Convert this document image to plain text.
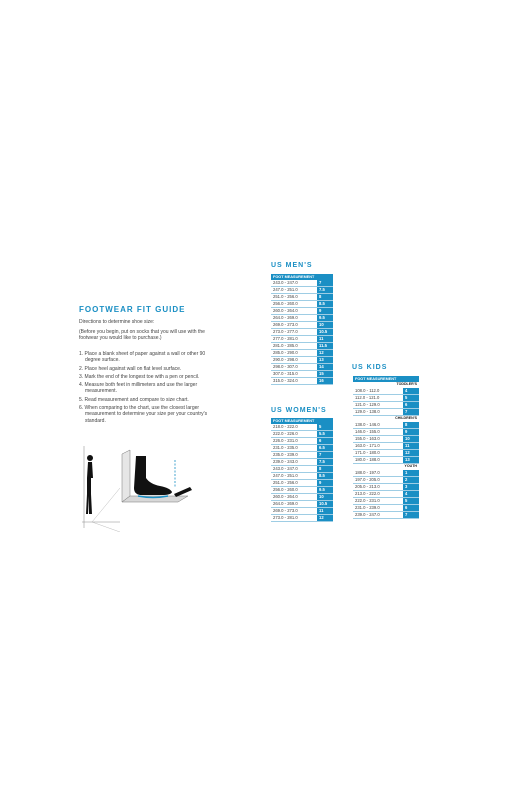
FOOTWEAR FIT GUIDE
Directions to determine shoe size:
(Before you begin, put on socks that you will use with the footwear you would like to purchase.)
1. Place a blank sheet of paper against a wall or other 90 degree surface.
2. Place heel against wall on flat level surface.
3. Mark the end of the longest toe with a pen or pencil.
4. Measure both feet in millimeters and use the larger measurement.
5. Read measurement and compare to size chart.
6. When comparing to the chart, use the closest larger measurement to determine your size per your country's standard.
US MEN'S
FOOT MEASUREMENT	
243.0 - 247.0	7
247.0 - 251.0	7.5
251.0 - 256.0	8
256.0 - 260.0	8.5
260.0 - 264.0	9
264.0 - 269.0	9.5
269.0 - 273.0	10
273.0 - 277.0	10.5
277.0 - 281.0	11
281.0 - 285.0	11.5
285.0 - 290.0	12
290.0 - 298.0	13
298.0 - 307.0	14
307.0 - 315.0	15
315.0 - 324.0	16
US WOMEN'S
FOOT MEASUREMENT	
218.0 - 222.0	5
222.0 - 226.0	5.5
226.0 - 231.0	6
231.0 - 235.0	6.5
235.0 - 239.0	7
239.0 - 243.0	7.5
243.0 - 247.0	8
247.0 - 251.0	8.5
251.0 - 256.0	9
256.0 - 260.0	9.5
260.0 - 264.0	10
264.0 - 269.0	10.5
269.0 - 273.0	11
273.0 - 281.0	12
US KIDS
FOOT MEASUREMENT	
TODDLER'S	
108.0 - 112.0	4
112.0 - 121.0	5
121.0 - 129.0	6
129.0 - 138.0	7
CHILDREN'S	
138.0 - 146.0	8
146.0 - 155.0	9
155.0 - 163.0	10
163.0 - 171.0	11
171.0 - 180.0	12
180.0 - 188.0	13
YOUTH	
188.0 - 197.0	1
197.0 - 205.0	2
205.0 - 213.0	3
213.0 - 222.0	4
222.0 - 231.0	5
231.0 - 239.0	6
239.0 - 247.0	7
